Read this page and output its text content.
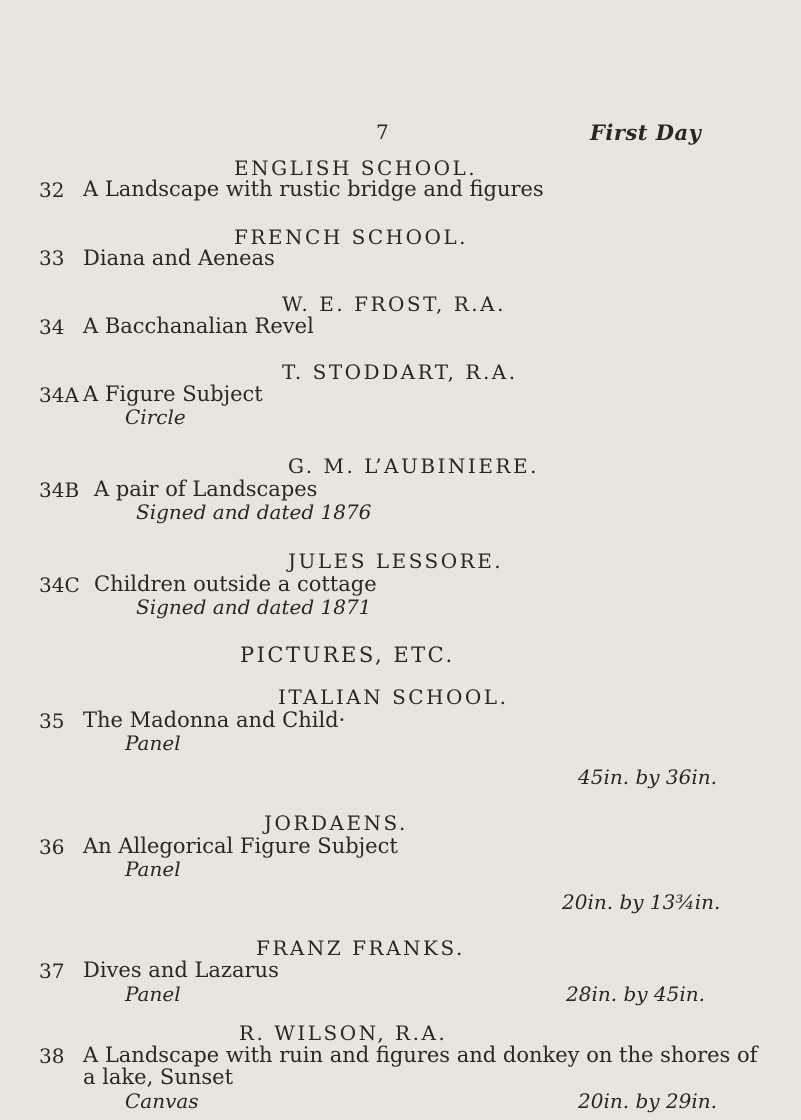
7	First Day
ENGLISH SCHOOL.
32 A Landscape with rustic bridge and figures
FRENCH SCHOOL.
33 Diana and Aeneas
W. E. FROST, R.A.
34 A Bacchanalian Revel
T. STODDART, R.A.
34A A Figure Subject
Circle
G. M. L’AUBINIERE.
34B A pair of Landscapes
Signed and dated 1876
JULES LESSORE.
34C Children outside a cottage
Signed and dated 1871
PICTURES, ETC.
ITALIAN SCHOOL.
35 The Madonna and Child·
Panel
45in. by 36in.
JORDAENS.
36 An Allegorical Figure Subject
Panel
20in. by 13¾in.
FRANZ FRANKS.
37 Dives and Lazarus
Panel	28in. by 45in.
R. WILSON, R.A.
38 A Landscape with ruin and figures and donkey on the shores of
a lake, Sunset
Canvas	20in. by 29in.
